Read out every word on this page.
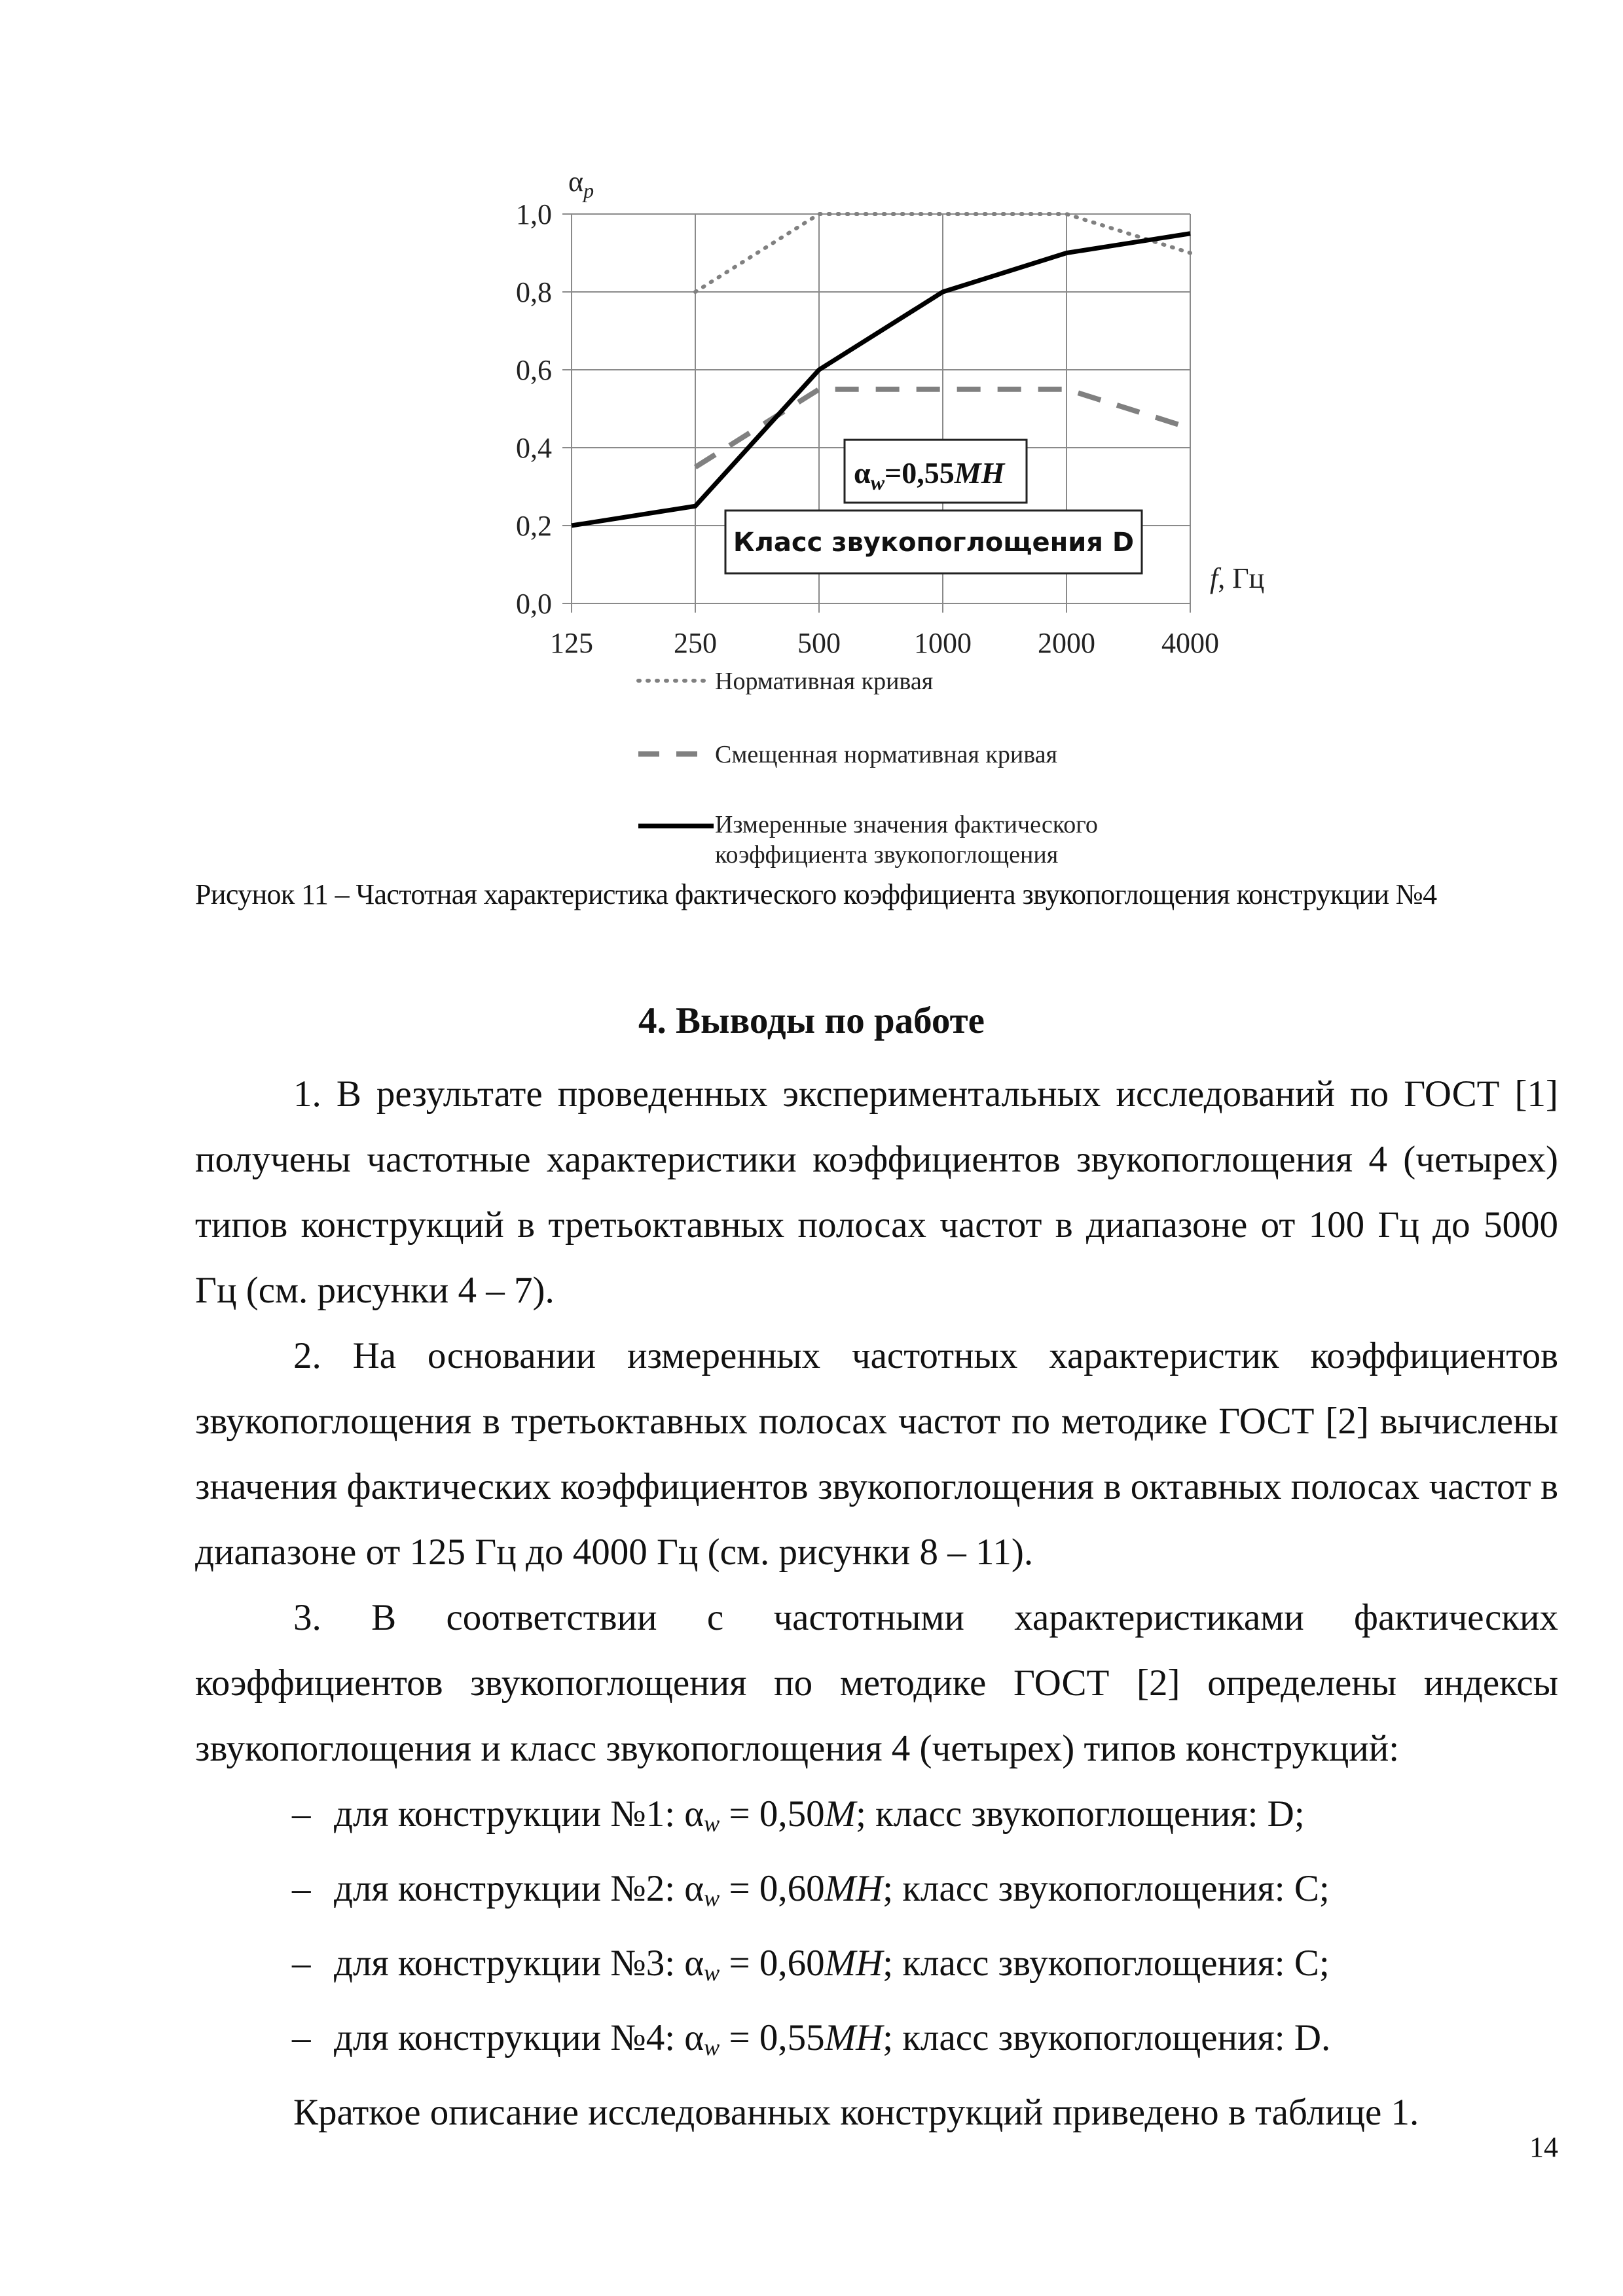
0,0
0,2
0,4
0,6
0,8
1,0
125	250	500	1000 2000 4000
$\alpha_p$
f, Гц
$\alpha_w=0,55MH$
Класс звукопоглощения D
Нормативная кривая
Смещенная нормативная кривая
Измеренные значения фактического
коэффициента звукопоглощения
Рисунок 11 – Частотная характеристика фактического коэффициента звукопоглощения конструкции №4
4. Выводы по работе

1. В результате проведенных экспериментальных исследований по ГОСТ [1] получены частотные характеристики коэффициентов звукопоглощения 4 (четырех) типов конструкций в третьоктавных полосах частот в диапазоне от 100 Гц до 5000 Гц (см. рисунки 4 – 7).

2. На основании измеренных частотных характеристик коэффициентов звукопоглощения в третьоктавных полосах частот по методике ГОСТ [2] вычислены значения фактических коэффициентов звукопоглощения в октавных полосах частот в диапазоне от 125 Гц до 4000 Гц (см. рисунки 8 – 11).

3. В соответствии с частотными характеристиками фактических коэффициентов звукопоглощения по методике ГОСТ [2] определены индексы звукопоглощения и класс звукопоглощения 4 (четырех) типов конструкций:

– для конструкции №1: $\alpha_w = 0,50M$; класс звукопоглощения: D;
– для конструкции №2: $\alpha_w = 0,60MH$; класс звукопоглощения: C;
– для конструкции №3: $\alpha_w = 0,60MH$; класс звукопоглощения: C;
– для конструкции №4: $\alpha_w = 0,55MH$; класс звукопоглощения: D.

Краткое описание исследованных конструкций приведено в таблице 1.

14
